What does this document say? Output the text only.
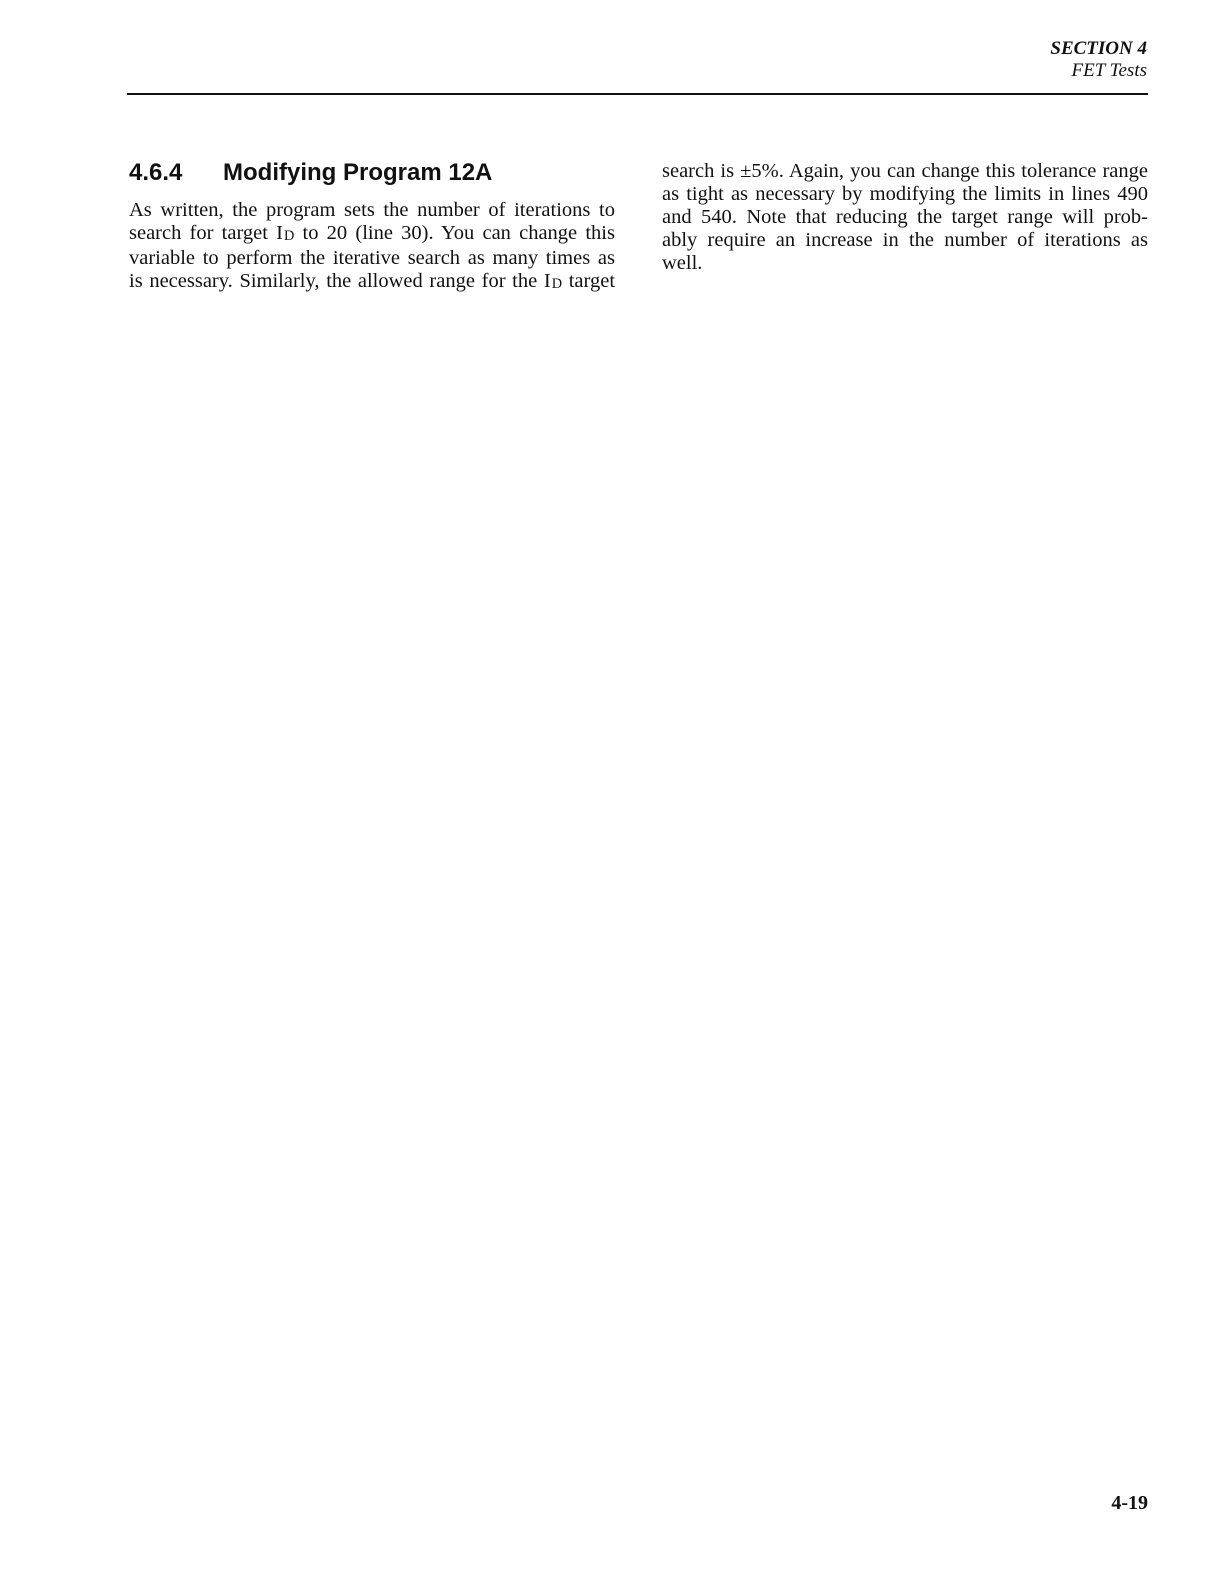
SECTION 4
FET Tests
4.6.4 Modifying Program 12A
As written, the program sets the number of iterations to
search for target ID to 20 (line 30). You can change this
variable to perform the iterative search as many times as
is necessary. Similarly, the allowed range for the ID target
search is ±5%. Again, you can change this tolerance range
as tight as necessary by modifying the limits in lines 490
and 540. Note that reducing the target range will prob-
ably require an increase in the number of iterations as
well.
4-19
